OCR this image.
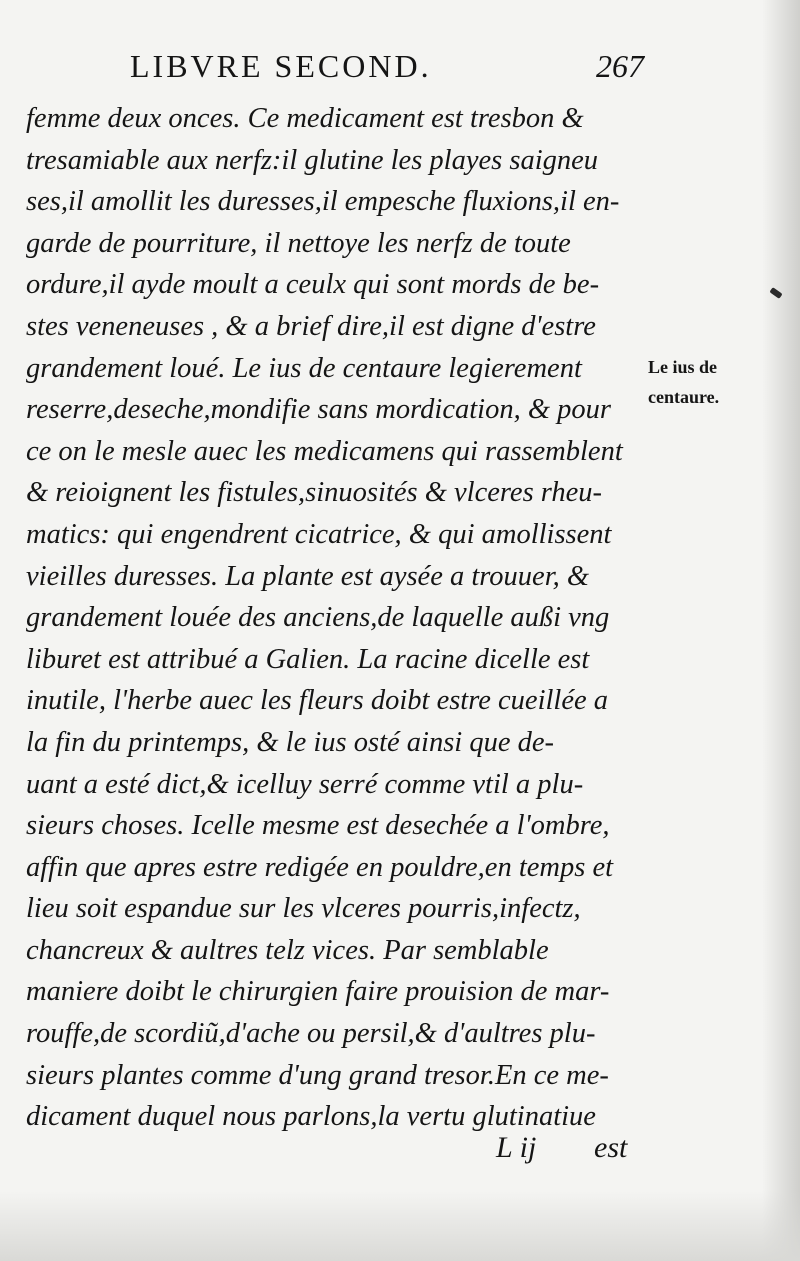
LIBVRE SECOND.	267
femme deux onces. Ce medicament est tresbon &
tresamiable aux nerfz:il glutine les playes saigneu
ses,il amollit les duresses,il empesche fluxions,il en-
garde de pourriture, il nettoye les nerfz de toute
ordure,il ayde moult a ceulx qui sont mords de be-
stes veneneuses , & a brief dire,il est digne d'estre
grandement loué. Le ius de centaure legierement
reserre,deseche,mondifie sans mordication, & pour
ce on le mesle auec les medicamens qui rassemblent
& reioignent les fistules,sinuosités & vlceres rheu-
matics: qui engendrent cicatrice, & qui amollissent
vieilles duresses. La plante est aysée a trouuer, &
grandement louée des anciens,de laquelle außi vng
liburet est attribué a Galien. La racine dicelle est
inutile, l'herbe auec les fleurs doibt estre cueillée a
la fin du printemps, & le ius osté ainsi que de-
uant a esté dict,& icelluy serré comme vtil a plu-
sieurs choses. Icelle mesme est desechée a l'ombre,
affin que apres estre redigée en pouldre,en temps et
lieu soit espandue sur les vlceres pourris,infectz,
chancreux & aultres telz vices. Par semblable
maniere doibt le chirurgien faire prouision de mar-
rouffe,de scordiũ,d'ache ou persil,& d'aultres plu-
sieurs plantes comme d'ung grand tresor.En ce me-
dicament duquel nous parlons,la vertu glutinatiue
Le ius de
centaure.
L ij est
